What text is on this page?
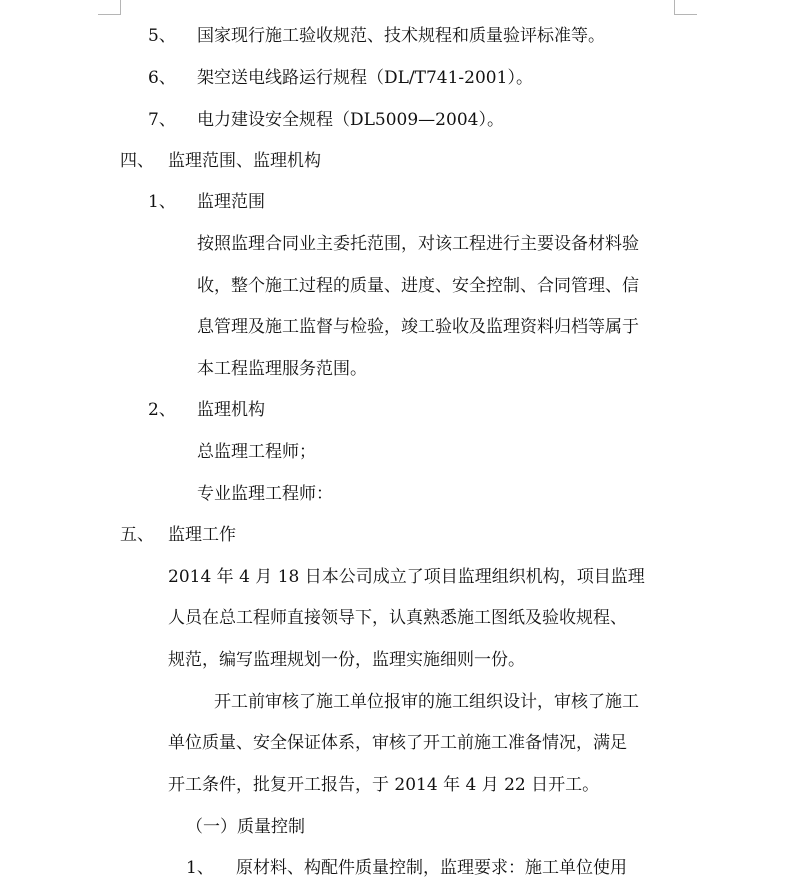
5、 国家现行施工验收规范、技术规程和质量验评标准等。
6、 架空送电线路运行规程（DL/T741-2001）。
7、 电力建设安全规程（DL5009—2004）。
四、 监理范围、监理机构
1、 监理范围
按照监理合同业主委托范围，对该工程进行主要设备材料验
收，整个施工过程的质量、进度、安全控制、合同管理、信
息管理及施工监督与检验，竣工验收及监理资料归档等属于
本工程监理服务范围。
2、 监理机构
总监理工程师；
专业监理工程师：
五、 监理工作
2014 年 4 月 18 日本公司成立了项目监理组织机构，项目监理
人员在总工程师直接领导下，认真熟悉施工图纸及验收规程、
规范，编写监理规划一份，监理实施细则一份。
开工前审核了施工单位报审的施工组织设计，审核了施工
单位质量、安全保证体系，审核了开工前施工准备情况，满足
开工条件，批复开工报告，于 2014 年 4 月 22 日开工。
（一）质量控制
1、 原材料、构配件质量控制，监理要求：施工单位使用
